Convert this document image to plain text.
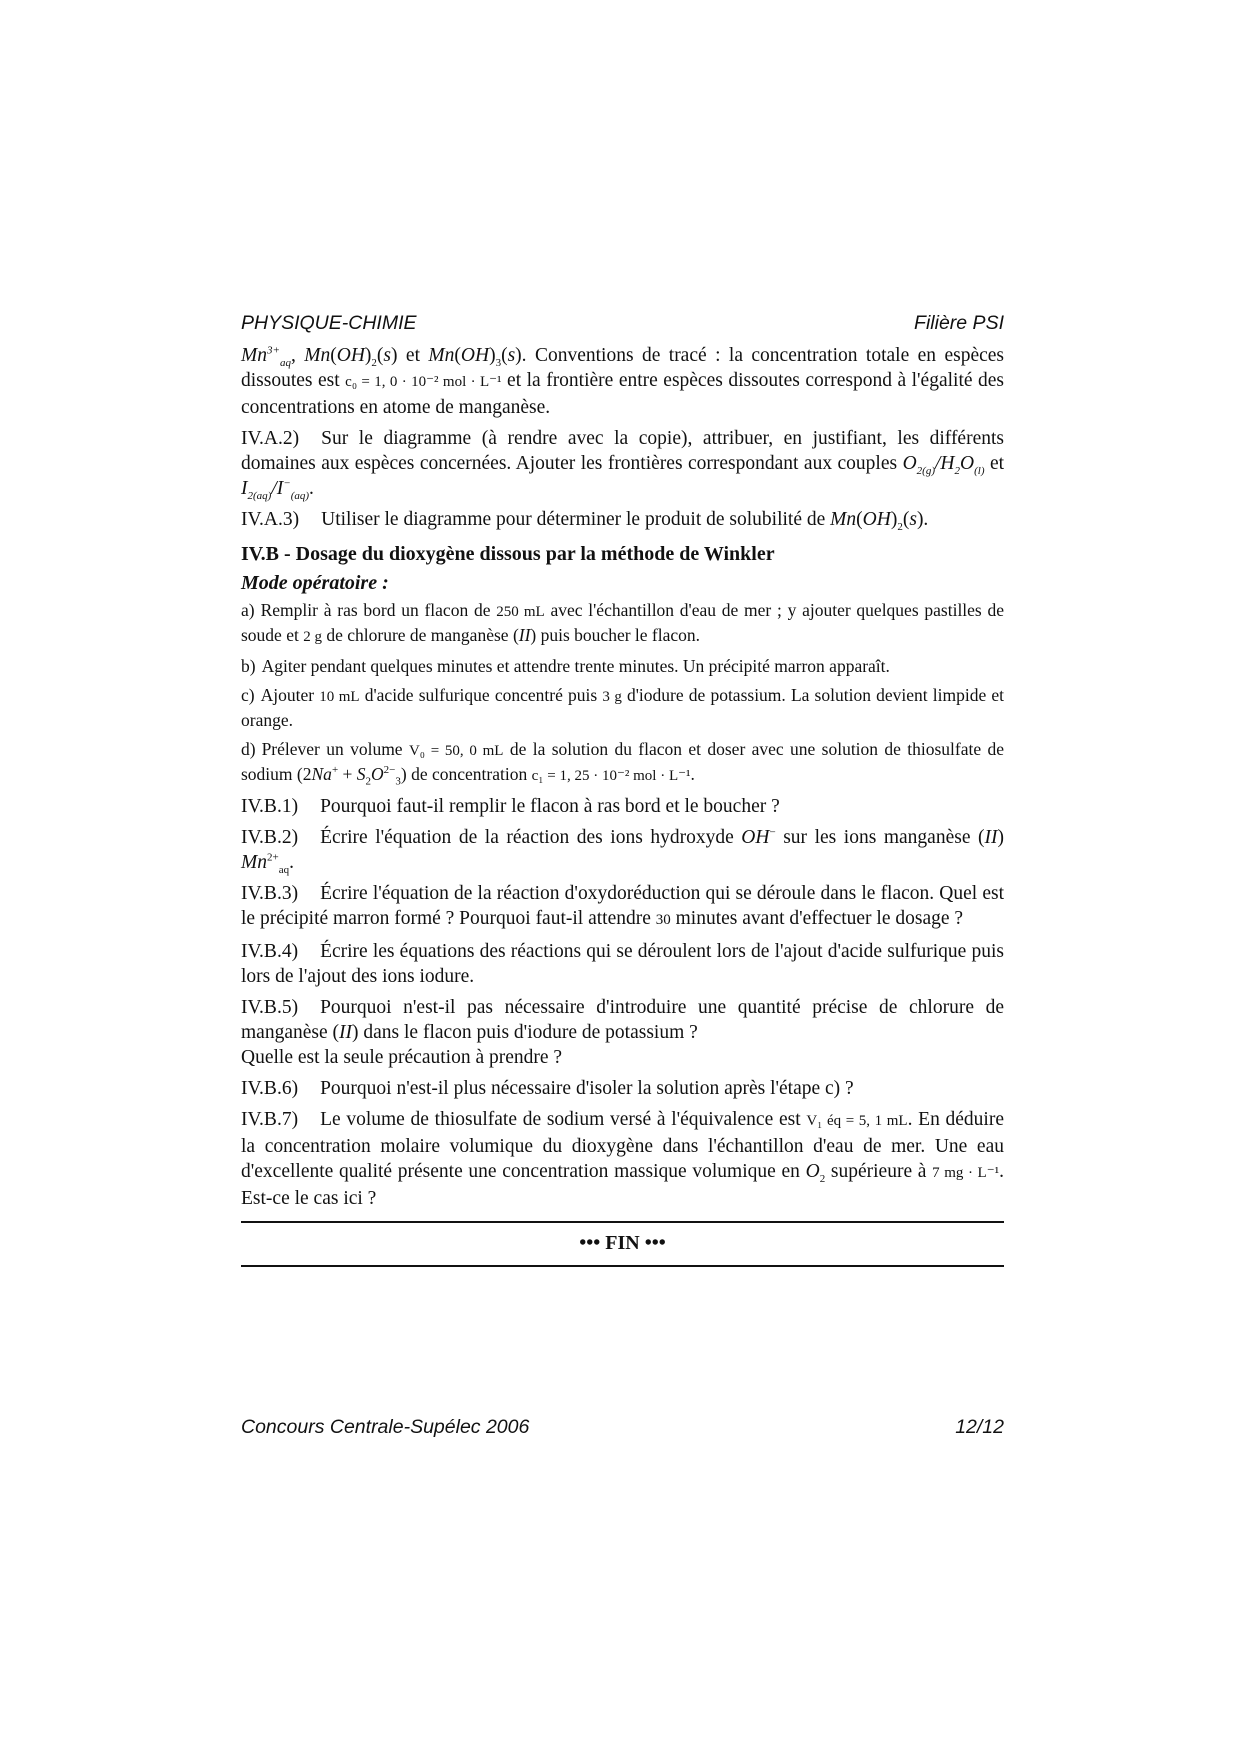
PHYSIQUE-CHIMIE	Filière PSI

$Mn^{3+}_{aq}$, $Mn(OH)_2(s)$ et $Mn(OH)_3(s)$. Conventions de tracé : la concentration totale en espèces dissoutes est c₀ = 1, 0 · 10⁻² mol · L⁻¹ et la frontière entre espèces dissoutes correspond à l'égalité des concentrations en atome de manganèse.

IV.A.2) Sur le diagramme (à rendre avec la copie), attribuer, en justifiant, les différents domaines aux espèces concernées. Ajouter les frontières correspondant aux couples $O_{2(g)}/H_2O_{(l)}$ et $I_{2(aq)}/I^-_{(aq)}$.

IV.A.3) Utiliser le diagramme pour déterminer le produit de solubilité de $Mn(OH)_2(s)$.

IV.B - Dosage du dioxygène dissous par la méthode de Winkler
Mode opératoire :

a) Remplir à ras bord un flacon de 250 mL avec l'échantillon d'eau de mer ; y ajouter quelques pastilles de soude et 2 g de chlorure de manganèse (II) puis boucher le flacon.

b) Agiter pendant quelques minutes et attendre trente minutes. Un précipité marron apparaît.

c) Ajouter 10 mL d'acide sulfurique concentré puis 3 g d'iodure de potassium. La solution devient limpide et orange.

d) Prélever un volume V₀ = 50, 0 mL de la solution du flacon et doser avec une solution de thiosulfate de sodium $(2Na^+ + S_2O^{2-}_3)$ de concentration c₁ = 1, 25 · 10⁻² mol · L⁻¹.

IV.B.1) Pourquoi faut-il remplir le flacon à ras bord et le boucher ?

IV.B.2) Écrire l'équation de la réaction des ions hydroxyde OH− sur les ions manganèse (II) $Mn^{2+}_{aq}$.

IV.B.3) Écrire l'équation de la réaction d'oxydoréduction qui se déroule dans le flacon. Quel est le précipité marron formé ? Pourquoi faut-il attendre 30 minutes avant d'effectuer le dosage ?

IV.B.4) Écrire les équations des réactions qui se déroulent lors de l'ajout d'acide sulfurique puis lors de l'ajout des ions iodure.

IV.B.5) Pourquoi n'est-il pas nécessaire d'introduire une quantité précise de chlorure de manganèse (II) dans le flacon puis d'iodure de potassium ?
Quelle est la seule précaution à prendre ?

IV.B.6) Pourquoi n'est-il plus nécessaire d'isoler la solution après l'étape c) ?

IV.B.7) Le volume de thiosulfate de sodium versé à l'équivalence est V₁ éq = 5, 1 mL. En déduire la concentration molaire volumique du dioxygène dans l'échantillon d'eau de mer. Une eau d'excellente qualité présente une concentration massique volumique en $O_2$ supérieure à 7 mg · L⁻¹. Est-ce le cas ici ?

••• FIN •••
Concours Centrale-Supélec 2006	12/12
